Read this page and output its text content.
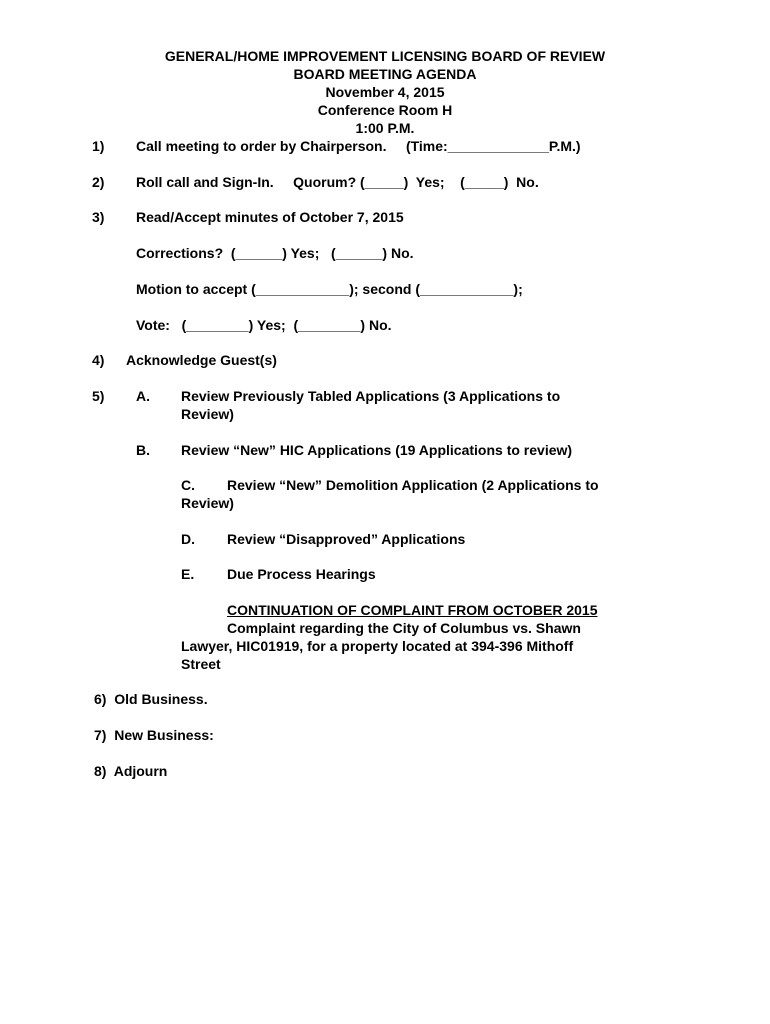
GENERAL/HOME IMPROVEMENT LICENSING BOARD OF REVIEW
BOARD MEETING AGENDA
November 4, 2015
Conference Room H
1:00 P.M.
1) Call meeting to order by Chairperson.     (Time:_____________P.M.)
2) Roll call and Sign-In.     Quorum? (_____)  Yes;    (_____)  No.
3) Read/Accept minutes of October 7, 2015
Corrections?  (______) Yes;   (______) No.
Motion to accept (____________); second (____________);
Vote:   (________) Yes;  (________) No.
4) Acknowledge Guest(s)
5) A. Review Previously Tabled Applications (3 Applications to
Review)
B. Review “New” HIC Applications (19 Applications to review)
C. Review “New” Demolition Application (2 Applications to
Review)
D. Review “Disapproved” Applications
E. Due Process Hearings
CONTINUATION OF COMPLAINT FROM OCTOBER 2015
Complaint regarding the City of Columbus vs. Shawn
Lawyer, HIC01919, for a property located at 394-396 Mithoff
Street
6)  Old Business.
7)  New Business:
8)  Adjourn
